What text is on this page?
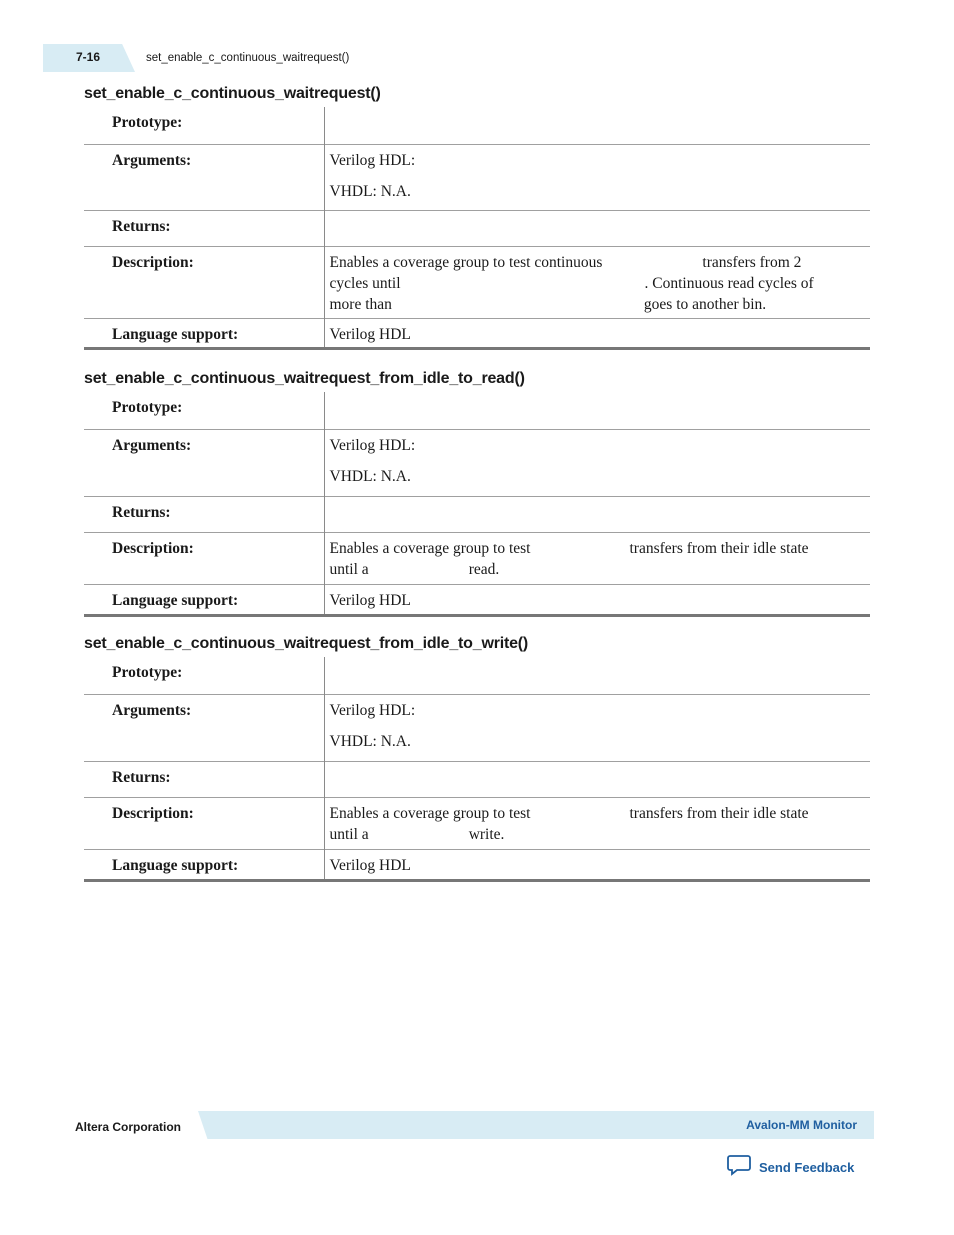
7-16	set_enable_c_continuous_waitrequest()
set_enable_c_continuous_waitrequest()
Prototype:	

Arguments:	Verilog HDL:
VHDL: N.A.

Returns:	

Description:	Enables a coverage group to test continuous transfers from 2
cycles until . Continuous read cycles of
more than goes to another bin.

Language support:	Verilog HDL
set_enable_c_continuous_waitrequest_from_idle_to_read()
Prototype:	

Arguments:	Verilog HDL:
VHDL: N.A.

Returns:	

Description:	Enables a coverage group to test transfers from their idle state
until a read.

Language support:	Verilog HDL
set_enable_c_continuous_waitrequest_from_idle_to_write()
Prototype:	

Arguments:	Verilog HDL:
VHDL: N.A.

Returns:	

Description:	Enables a coverage group to test transfers from their idle state
until a write.

Language support:	Verilog HDL
Altera Corporation	Avalon-MM Monitor
Send Feedback
